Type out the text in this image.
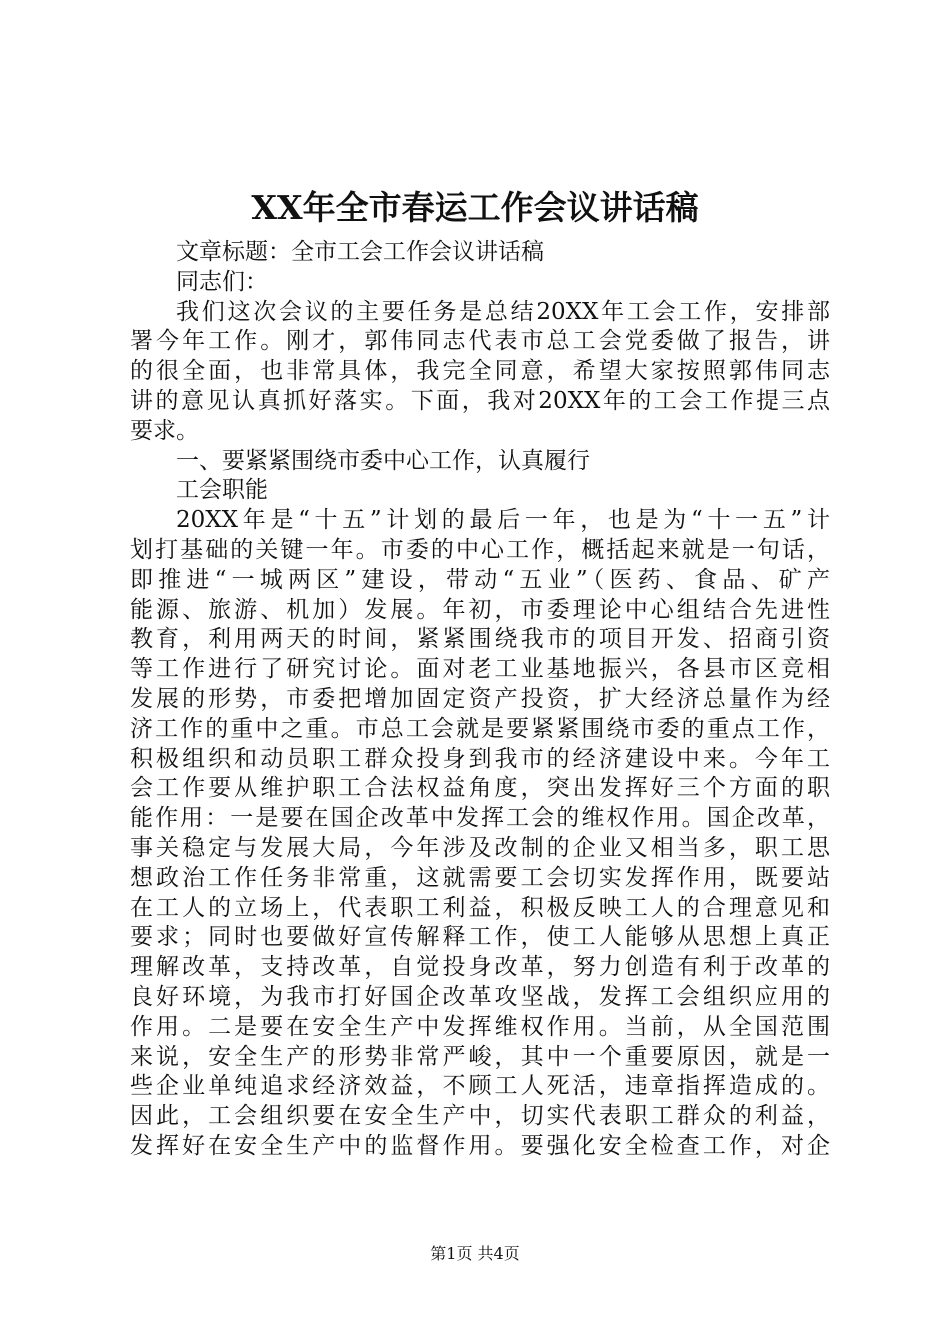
XX年全市春运工作会议讲话稿
文章标题：全市工会工作会议讲话稿
同志们：
我们这次会议的主要任务是总结20XX年工会工作，安排部
署今年工作。刚才，郭伟同志代表市总工会党委做了报告，讲
的很全面，也非常具体，我完全同意，希望大家按照郭伟同志
讲的意见认真抓好落实。下面，我对20XX年的工会工作提三点
要求。
一、要紧紧围绕市委中心工作，认真履行
工会职能
20XX年是“十五”计划的最后一年，也是为“十一五”计
划打基础的关键一年。市委的中心工作，概括起来就是一句话，
即推进“一城两区”建设，带动“五业”（医药、食品、矿产
能源、旅游、机加）发展。年初，市委理论中心组结合先进性
教育，利用两天的时间，紧紧围绕我市的项目开发、招商引资
等工作进行了研究讨论。面对老工业基地振兴，各县市区竞相
发展的形势，市委把增加固定资产投资，扩大经济总量作为经
济工作的重中之重。市总工会就是要紧紧围绕市委的重点工作，
积极组织和动员职工群众投身到我市的经济建设中来。今年工
会工作要从维护职工合法权益角度，突出发挥好三个方面的职
能作用：一是要在国企改革中发挥工会的维权作用。国企改革，
事关稳定与发展大局，今年涉及改制的企业又相当多，职工思
想政治工作任务非常重，这就需要工会切实发挥作用，既要站
在工人的立场上，代表职工利益，积极反映工人的合理意见和
要求；同时也要做好宣传解释工作，使工人能够从思想上真正
理解改革，支持改革，自觉投身改革，努力创造有利于改革的
良好环境，为我市打好国企改革攻坚战，发挥工会组织应用的
作用。二是要在安全生产中发挥维权作用。当前，从全国范围
来说，安全生产的形势非常严峻，其中一个重要原因，就是一
些企业单纯追求经济效益，不顾工人死活，违章指挥造成的。
因此，工会组织要在安全生产中，切实代表职工群众的利益，
发挥好在安全生产中的监督作用。要强化安全检查工作，对企
第1页 共4页
